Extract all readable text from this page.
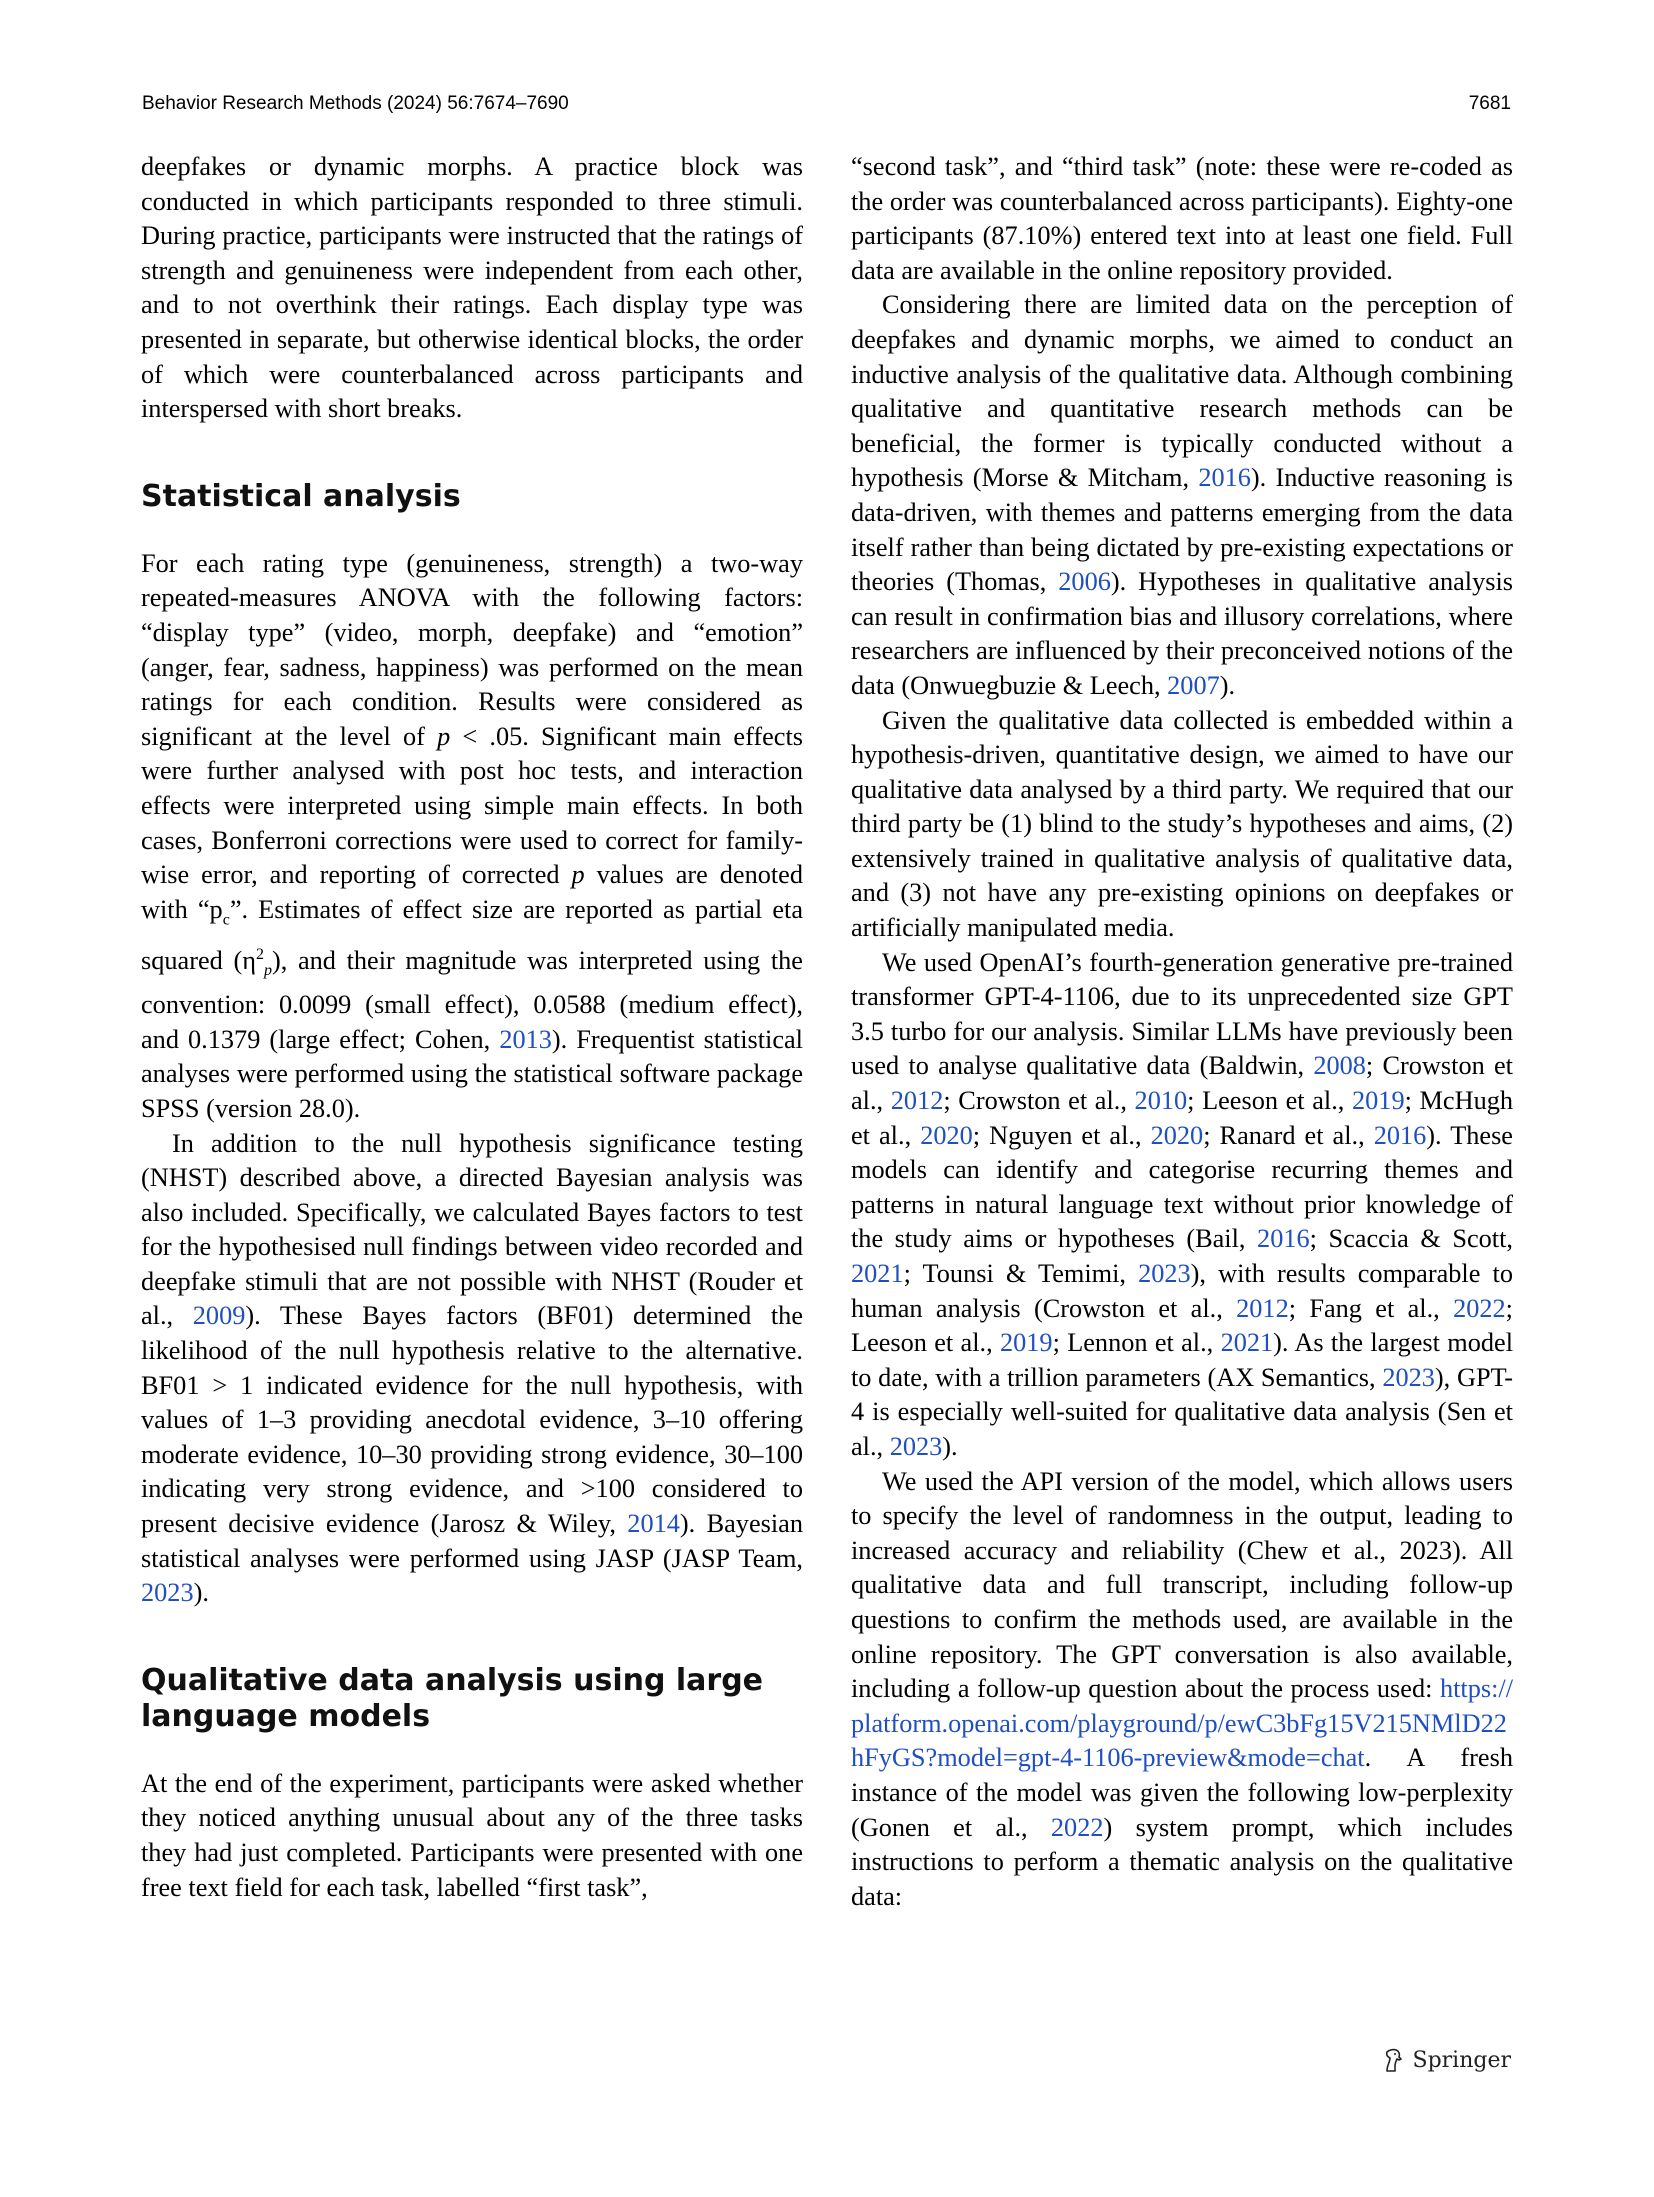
Behavior Research Methods (2024) 56:7674–7690	7681

deepfakes or dynamic morphs. A practice block was conducted in which participants responded to three stimuli. During practice, participants were instructed that the ratings of strength and genuineness were independent from each other, and to not overthink their ratings. Each display type was presented in separate, but otherwise identical blocks, the order of which were counterbalanced across participants and interspersed with short breaks.

Statistical analysis

For each rating type (genuineness, strength) a two-way repeated-measures ANOVA with the following factors: “display type” (video, morph, deepfake) and “emotion” (anger, fear, sadness, happiness) was performed on the mean ratings for each condition. Results were considered as significant at the level of p < .05. Significant main effects were further analysed with post hoc tests, and interaction effects were interpreted using simple main effects. In both cases, Bonferroni corrections were used to correct for family-wise error, and reporting of corrected p values are denoted with “$p_c$”. Estimates of effect size are reported as partial eta squared $(\eta^2_p)$, and their magnitude was interpreted using the convention: 0.0099 (small effect), 0.0588 (medium effect), and 0.1379 (large effect; Cohen, 2013). Frequentist statistical analyses were performed using the statistical software package SPSS (version 28.0).

In addition to the null hypothesis significance testing (NHST) described above, a directed Bayesian analysis was also included. Specifically, we calculated Bayes factors to test for the hypothesised null findings between video recorded and deepfake stimuli that are not possible with NHST (Rouder et al., 2009). These Bayes factors (BF01) determined the likelihood of the null hypothesis relative to the alternative. BF01 > 1 indicated evidence for the null hypothesis, with values of 1–3 providing anecdotal evidence, 3–10 offering moderate evidence, 10–30 providing strong evidence, 30–100 indicating very strong evidence, and >100 considered to present decisive evidence (Jarosz & Wiley, 2014). Bayesian statistical analyses were performed using JASP (JASP Team, 2023).

Qualitative data analysis using large language models

At the end of the experiment, participants were asked whether they noticed anything unusual about any of the three tasks they had just completed. Participants were presented with one free text field for each task, labelled “first task”,

“second task”, and “third task” (note: these were re-coded as the order was counterbalanced across participants). Eighty-one participants (87.10%) entered text into at least one field. Full data are available in the online repository provided.

Considering there are limited data on the perception of deepfakes and dynamic morphs, we aimed to conduct an inductive analysis of the qualitative data. Although combining qualitative and quantitative research methods can be beneficial, the former is typically conducted without a hypothesis (Morse & Mitcham, 2016). Inductive reasoning is data-driven, with themes and patterns emerging from the data itself rather than being dictated by pre-existing expectations or theories (Thomas, 2006). Hypotheses in qualitative analysis can result in confirmation bias and illusory correlations, where researchers are influenced by their preconceived notions of the data (Onwuegbuzie & Leech, 2007).

Given the qualitative data collected is embedded within a hypothesis-driven, quantitative design, we aimed to have our qualitative data analysed by a third party. We required that our third party be (1) blind to the study’s hypotheses and aims, (2) extensively trained in qualitative analysis of qualitative data, and (3) not have any pre-existing opinions on deepfakes or artificially manipulated media.

We used OpenAI’s fourth-generation generative pre-trained transformer GPT-4-1106, due to its unprecedented size GPT 3.5 turbo for our analysis. Similar LLMs have previously been used to analyse qualitative data (Baldwin, 2008; Crowston et al., 2012; Crowston et al., 2010; Leeson et al., 2019; McHugh et al., 2020; Nguyen et al., 2020; Ranard et al., 2016). These models can identify and categorise recurring themes and patterns in natural language text without prior knowledge of the study aims or hypotheses (Bail, 2016; Scaccia & Scott, 2021; Tounsi & Temimi, 2023), with results comparable to human analysis (Crowston et al., 2012; Fang et al., 2022; Leeson et al., 2019; Lennon et al., 2021). As the largest model to date, with a trillion parameters (AX Semantics, 2023), GPT-4 is especially well-suited for qualitative data analysis (Sen et al., 2023).

We used the API version of the model, which allows users to specify the level of randomness in the output, leading to increased accuracy and reliability (Chew et al., 2023). All qualitative data and full transcript, including follow-up questions to confirm the methods used, are available in the online repository. The GPT conversation is also available, including a follow-up question about the process used: https://platform.openai.com/playground/p/ewC3bFg15V215NMlD22hFyGS?model=gpt-4-1106-preview&mode=chat. A fresh instance of the model was given the following low-perplexity (Gonen et al., 2022) system prompt, which includes instructions to perform a thematic analysis on the qualitative data:

Springer
